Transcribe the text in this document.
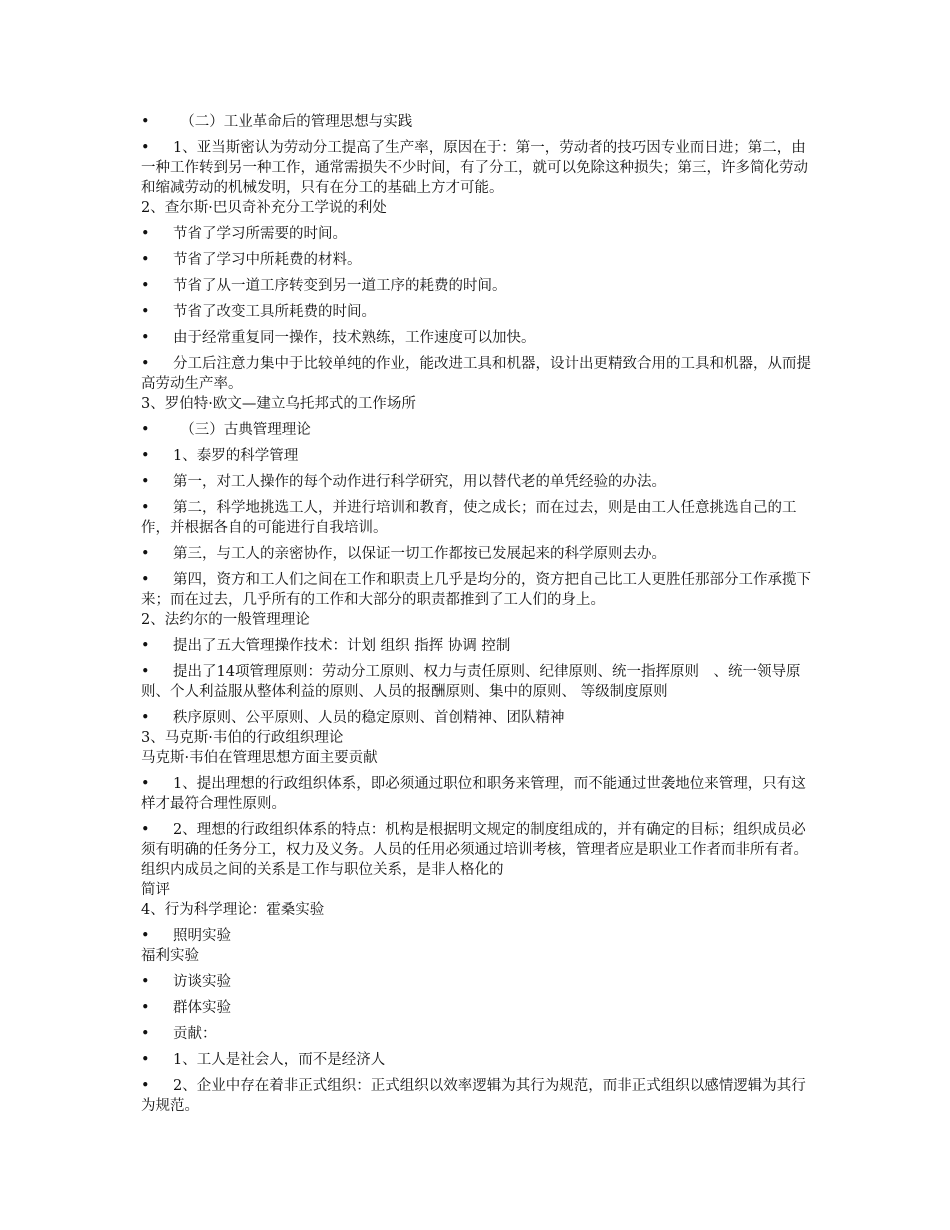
•　（二）工业革命后的管理思想与实践
• 1、亚当斯密认为劳动分工提高了生产率，原因在于：第一，劳动者的技巧因专业而日进；第二，由一种工作转到另一种工作，通常需损失不少时间，有了分工，就可以免除这种损失；第三，许多简化劳动和缩减劳动的机械发明，只有在分工的基础上方才可能。
2、查尔斯·巴贝奇补充分工学说的利处
• 节省了学习所需要的时间。
• 节省了学习中所耗费的材料。
• 节省了从一道工序转变到另一道工序的耗费的时间。
• 节省了改变工具所耗费的时间。
• 由于经常重复同一操作，技术熟练，工作速度可以加快。
• 分工后注意力集中于比较单纯的作业，能改进工具和机器，设计出更精致合用的工具和机器，从而提高劳动生产率。
3、罗伯特·欧文—建立乌托邦式的工作场所
•　（三）古典管理理论
• 1、泰罗的科学管理
• 第一，对工人操作的每个动作进行科学研究，用以替代老的单凭经验的办法。
• 第二，科学地挑选工人，并进行培训和教育，使之成长；而在过去，则是由工人任意挑选自己的工作，并根据各自的可能进行自我培训。
• 第三，与工人的亲密协作，以保证一切工作都按已发展起来的科学原则去办。
• 第四，资方和工人们之间在工作和职责上几乎是均分的，资方把自己比工人更胜任那部分工作承揽下来；而在过去，几乎所有的工作和大部分的职责都推到了工人们的身上。
2、法约尔的一般管理理论
• 提出了五大管理操作技术：计划 组织 指挥 协调 控制
• 提出了14项管理原则：劳动分工原则、权力与责任原则、纪律原则、统一指挥原则　、统一领导原则、个人利益服从整体利益的原则、人员的报酬原则、集中的原则、 等级制度原则
• 秩序原则、公平原则、人员的稳定原则、首创精神、团队精神
3、马克斯·韦伯的行政组织理论
马克斯·韦伯在管理思想方面主要贡献
• 1、提出理想的行政组织体系，即必须通过职位和职务来管理，而不能通过世袭地位来管理，只有这样才最符合理性原则。
• 2、理想的行政组织体系的特点：机构是根据明文规定的制度组成的，并有确定的目标；组织成员必须有明确的任务分工，权力及义务。人员的任用必须通过培训考核，管理者应是职业工作者而非所有者。组织内成员之间的关系是工作与职位关系，是非人格化的
简评
4、行为科学理论：霍桑实验
• 照明实验
福利实验
• 访谈实验
• 群体实验
• 贡献：
• 1、工人是社会人，而不是经济人
• 2、企业中存在着非正式组织：正式组织以效率逻辑为其行为规范，而非正式组织以感情逻辑为其行为规范。
